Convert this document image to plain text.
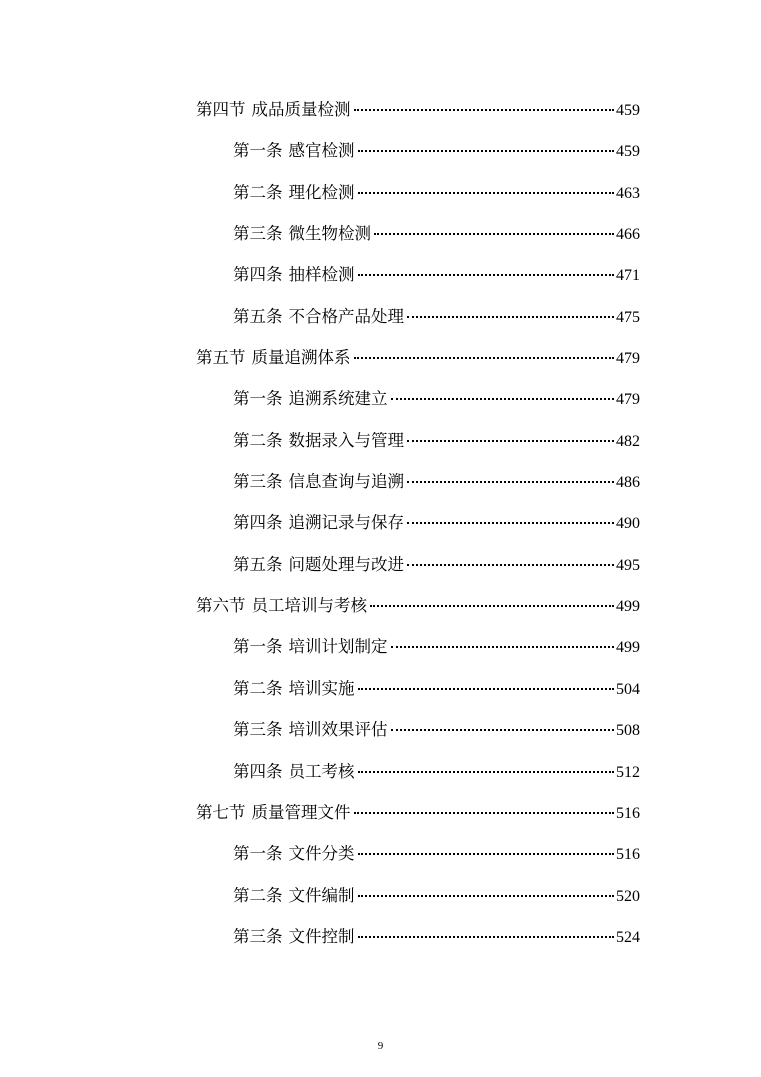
第四节 成品质量检测	459
第一条 感官检测	459
第二条 理化检测	463
第三条 微生物检测	466
第四条 抽样检测	471
第五条 不合格产品处理	475
第五节 质量追溯体系	479
第一条 追溯系统建立	479
第二条 数据录入与管理	482
第三条 信息查询与追溯	486
第四条 追溯记录与保存	490
第五条 问题处理与改进	495
第六节 员工培训与考核	499
第一条 培训计划制定	499
第二条 培训实施	504
第三条 培训效果评估	508
第四条 员工考核	512
第七节 质量管理文件	516
第一条 文件分类	516
第二条 文件编制	520
第三条 文件控制	524
9
